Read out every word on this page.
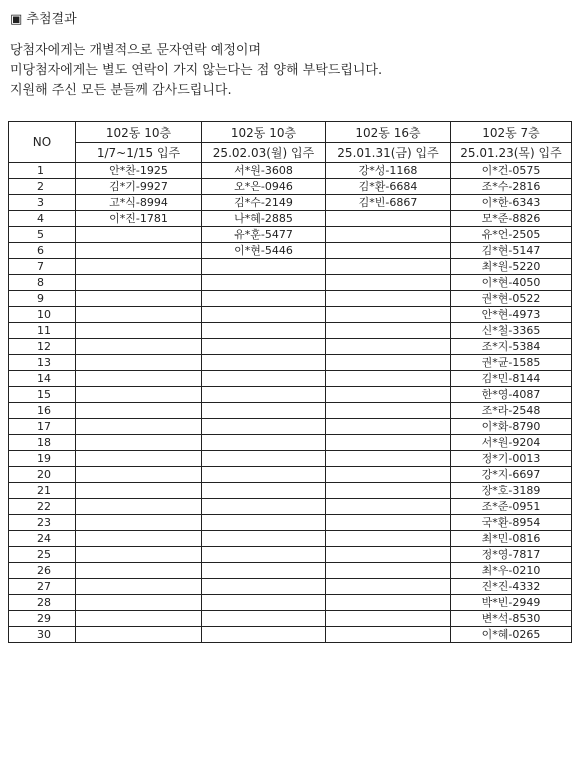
▣ 추첨결과

당첨자에게는 개별적으로 문자연락 예정이며

미당첨자에게는 별도 연락이 가지 않는다는 점 양해 부탁드립니다.

지원해 주신 모든 분들께 감사드립니다.

NO	102동 10층	102동 10층	102동 16층	102동 7층
	1/7~1/15 입주	25.02.03(월) 입주	25.01.31(금) 입주	25.01.23(목) 입주
1	안*찬-1925	서*원-3608	강*성-1168	이*건-0575
2	김*기-9927	오*은-0946	김*환-6684	조*수-2816
3	고*식-8994	김*수-2149	김*빈-6867	이*한-6343
4	이*진-1781	나*혜-2885		모*준-8826
5		유*훈-5477		유*언-2505
6		이*현-5446		김*현-5147
7				최*원-5220
8				이*현-4050
9				권*현-0522
10				안*현-4973
11				신*철-3365
12				조*지-5384
13				권*균-1585
14				김*민-8144
15				한*영-4087
16				조*라-2548
17				이*화-8790
18				서*원-9204
19				정*기-0013
20				강*지-6697
21				장*호-3189
22				조*준-0951
23				국*환-8954
24				최*민-0816
25				정*영-7817
26				최*우-0210
27				진*진-4332
28				박*빈-2949
29				변*석-8530
30				이*혜-0265
